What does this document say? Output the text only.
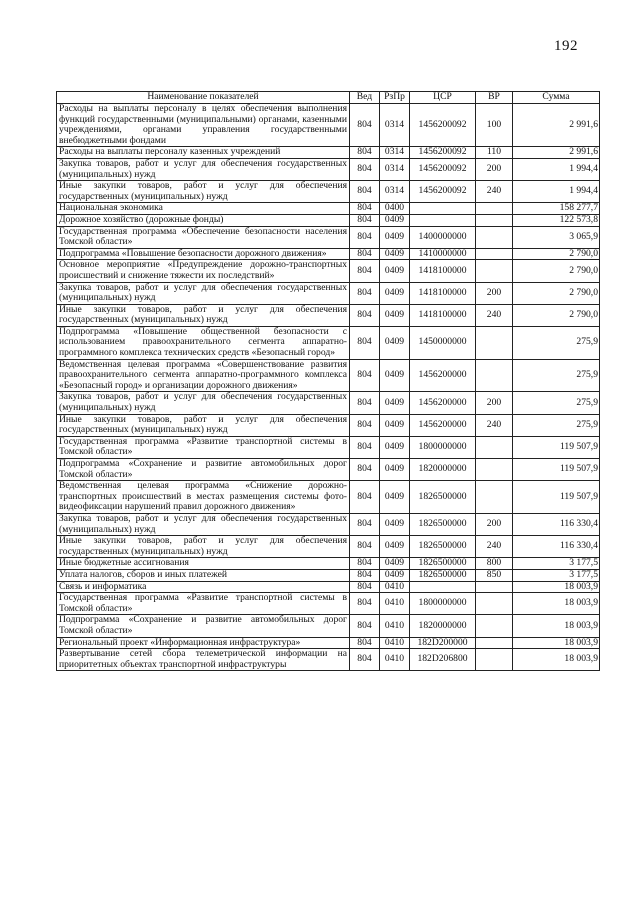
192
Наименование показателей	Вед	РзПр	ЦСР	ВР	Сумма
Расходы на выплаты персоналу в целях обеспечения выполнения функций государственными (муниципальными) органами, казенными учреждениями, органами управления государственными внебюджетными фондами	804	0314	1456200092	100	2 991,6
Расходы на выплаты персоналу казенных учреждений	804	0314	1456200092	110	2 991,6
Закупка товаров, работ и услуг для обеспечения государственных (муниципальных) нужд	804	0314	1456200092	200	1 994,4
Иные закупки товаров, работ и услуг для обеспечения государственных (муниципальных) нужд	804	0314	1456200092	240	1 994,4
Национальная экономика	804	0400			158 277,7
Дорожное хозяйство (дорожные фонды)	804	0409			122 573,8
Государственная программа «Обеспечение безопасности населения Томской области»	804	0409	1400000000		3 065,9
Подпрограмма «Повышение безопасности дорожного движения»	804	0409	1410000000		2 790,0
Основное мероприятие «Предупреждение дорожно-транспортных происшествий и снижение тяжести их последствий»	804	0409	1418100000		2 790,0
Закупка товаров, работ и услуг для обеспечения государственных (муниципальных) нужд	804	0409	1418100000	200	2 790,0
Иные закупки товаров, работ и услуг для обеспечения государственных (муниципальных) нужд	804	0409	1418100000	240	2 790,0
Подпрограмма «Повышение общественной безопасности с использованием правоохранительного сегмента аппаратно-программного комплекса технических средств «Безопасный город»	804	0409	1450000000		275,9
Ведомственная целевая программа «Совершенствование развития правоохранительного сегмента аппаратно-программного комплекса «Безопасный город» и организации дорожного движения»	804	0409	1456200000		275,9
Закупка товаров, работ и услуг для обеспечения государственных (муниципальных) нужд	804	0409	1456200000	200	275,9
Иные закупки товаров, работ и услуг для обеспечения государственных (муниципальных) нужд	804	0409	1456200000	240	275,9
Государственная программа «Развитие транспортной системы в Томской области»	804	0409	1800000000		119 507,9
Подпрограмма «Сохранение и развитие автомобильных дорог Томской области»	804	0409	1820000000		119 507,9
Ведомственная целевая программа «Снижение дорожно-транспортных происшествий в местах размещения системы фото-видеофиксации нарушений правил дорожного движения»	804	0409	1826500000		119 507,9
Закупка товаров, работ и услуг для обеспечения государственных (муниципальных) нужд	804	0409	1826500000	200	116 330,4
Иные закупки товаров, работ и услуг для обеспечения государственных (муниципальных) нужд	804	0409	1826500000	240	116 330,4
Иные бюджетные ассигнования	804	0409	1826500000	800	3 177,5
Уплата налогов, сборов и иных платежей	804	0409	1826500000	850	3 177,5
Связь и информатика	804	0410			18 003,9
Государственная программа «Развитие транспортной системы в Томской области»	804	0410	1800000000		18 003,9
Подпрограмма «Сохранение и развитие автомобильных дорог Томской области»	804	0410	1820000000		18 003,9
Региональный проект «Информационная инфраструктура»	804	0410	182D200000		18 003,9
Развертывание сетей сбора телеметрической информации на приоритетных объектах транспортной инфраструктуры	804	0410	182D206800		18 003,9
